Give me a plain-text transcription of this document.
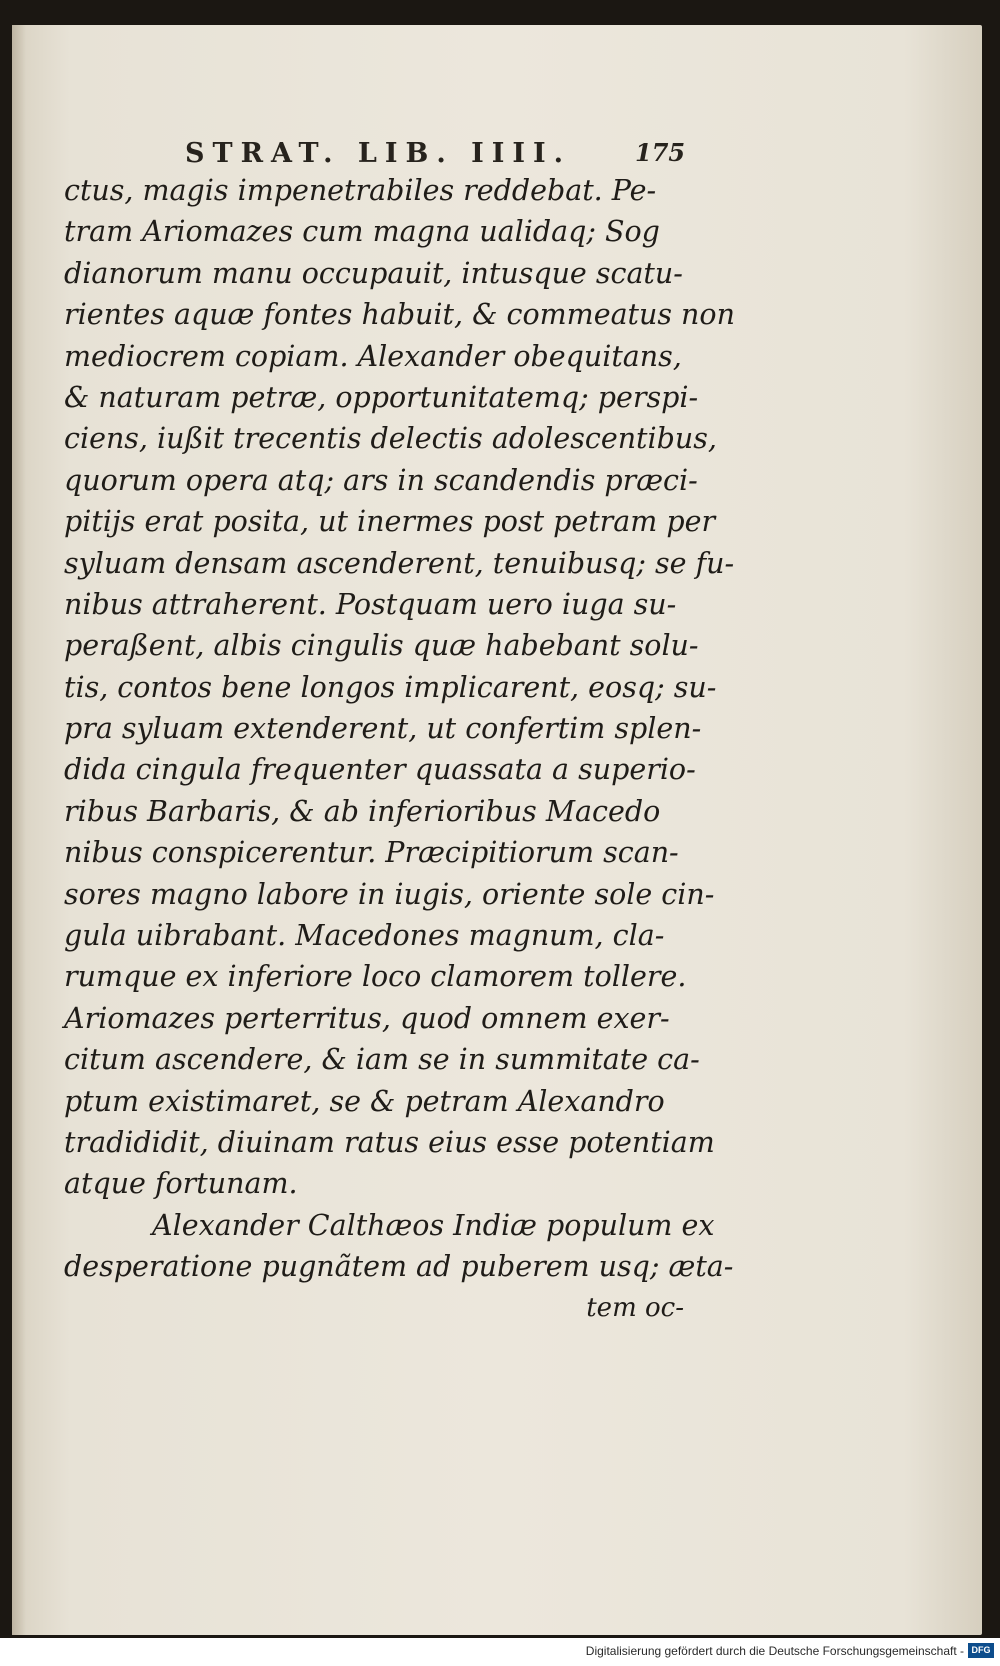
STRAT. LIB. IIII.	175
ctus, magis impenetrabiles reddebat. Pe-
tram Ariomazes cum magna ualidaq; Sog
dianorum manu occupauit, intusque scatu-
rientes aquæ fontes habuit, & commeatus non
mediocrem copiam. Alexander obequitans,
& naturam petræ, opportunitatemq; perspi-
ciens, iußit trecentis delectis adolescentibus,
quorum opera atq; ars in scandendis præci-
pitijs erat posita, ut inermes post petram per
syluam densam ascenderent, tenuibusq; se fu-
nibus attraherent. Postquam uero iuga su-
peraßent, albis cingulis quæ habebant solu-
tis, contos bene longos implicarent, eosq; su-
pra syluam extenderent, ut confertim splen-
dida cingula frequenter quassata a superio-
ribus Barbaris, & ab inferioribus Macedo
nibus conspicerentur. Præcipitiorum scan-
sores magno labore in iugis, oriente sole cin-
gula uibrabant. Macedones magnum, cla-
rumque ex inferiore loco clamorem tollere.
Ariomazes perterritus, quod omnem exer-
citum ascendere, & iam se in summitate ca-
ptum existimaret, se & petram Alexandro
tradididit, diuinam ratus eius esse potentiam
atque fortunam.
Alexander Calthæos Indiæ populum ex
desperatione pugnãtem ad puberem usq; æta-
tem oc-
Digitalisierung gefördert durch die Deutsche Forschungsgemeinschaft - DFG
